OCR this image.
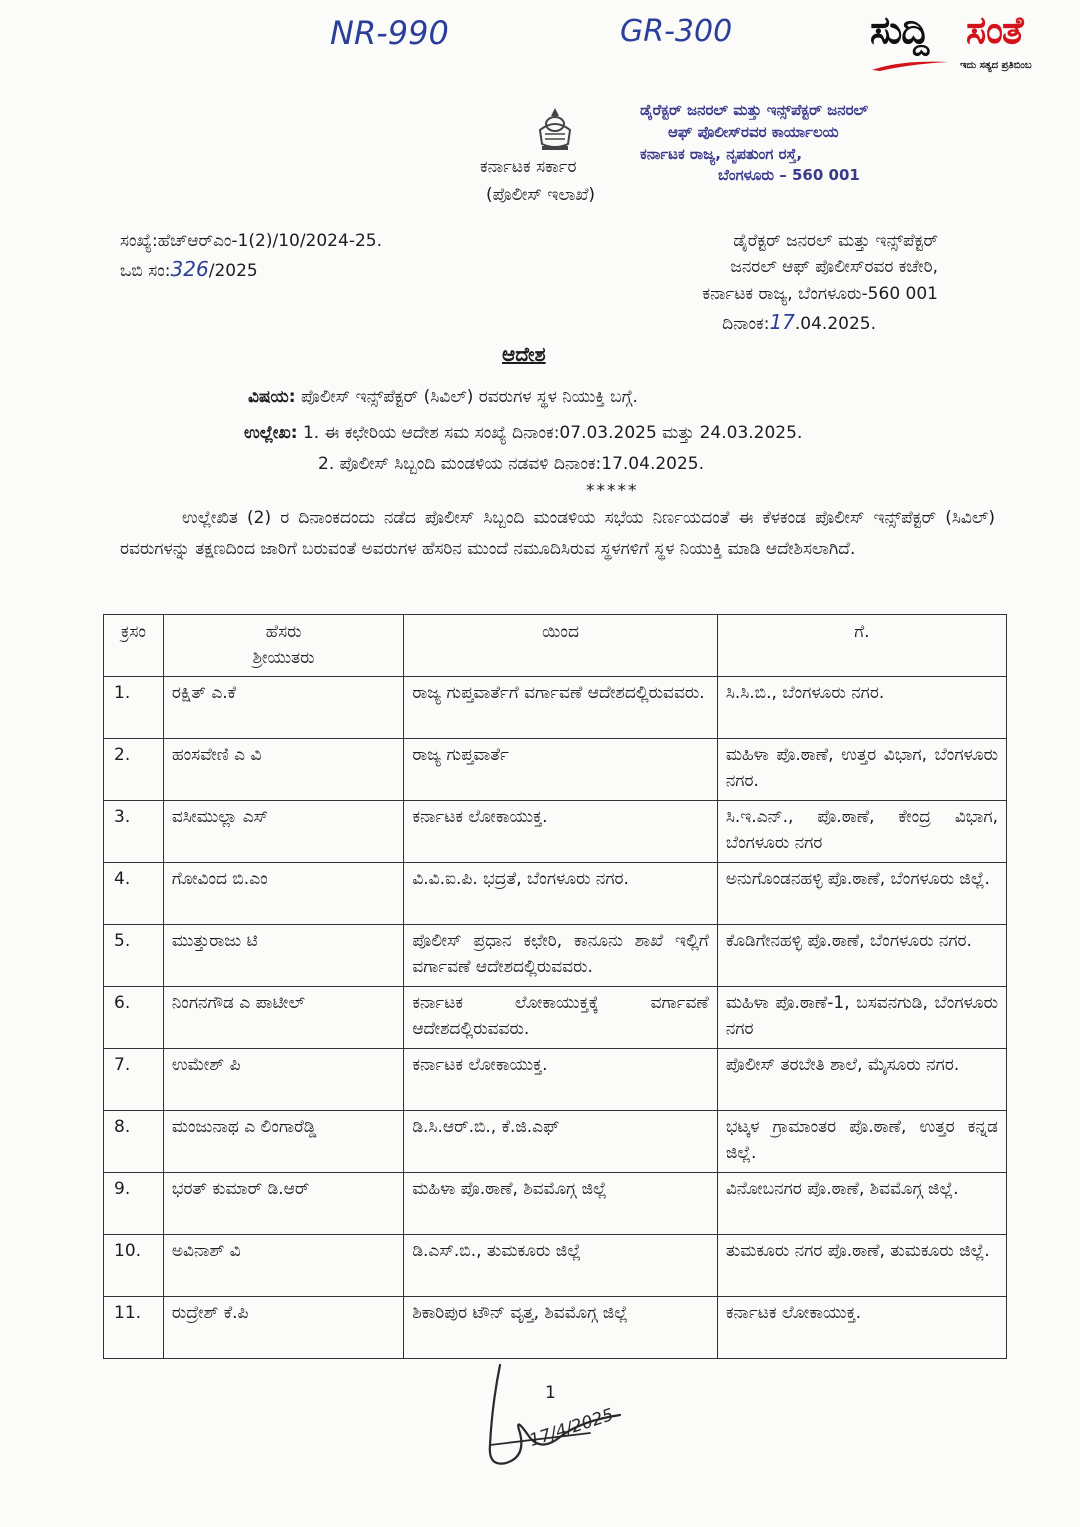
NR-990	GR-300	ಸುದ್ದಿ ಸಂತೆ
ಇದು ಸತ್ಯದ ಪ್ರತಿಬಿಂಬ
ಕರ್ನಾಟಕ ಸರ್ಕಾರ
(ಪೊಲೀಸ್ ಇಲಾಖೆ)
ಡೈರೆಕ್ಟರ್ ಜನರಲ್ ಮತ್ತು ಇನ್ಸ್‌ಪೆಕ್ಟರ್ ಜನರಲ್
ಆಫ್ ಪೊಲೀಸ್‌ರವರ ಕಾರ್ಯಾಲಯ
ಕರ್ನಾಟಕ ರಾಜ್ಯ, ನೃಪತುಂಗ ರಸ್ತೆ,
ಬೆಂಗಳೂರು – 560 001
ಸಂಖ್ಯೆ:ಹೆಚ್‌ಆರ್‌ಎಂ-1(2)/10/2024-25.
ಒಬಿ ಸಂ:326/2025
ಡೈರೆಕ್ಟರ್ ಜನರಲ್ ಮತ್ತು ಇನ್ಸ್‌ಪೆಕ್ಟರ್
ಜನರಲ್ ಆಫ್ ಪೊಲೀಸ್‌ರವರ ಕಚೇರಿ,
ಕರ್ನಾಟಕ ರಾಜ್ಯ, ಬೆಂಗಳೂರು-560 001
ದಿನಾಂಕ:17.04.2025.
ಆದೇಶ
ವಿಷಯ: ಪೊಲೀಸ್ ಇನ್ಸ್‌ಪೆಕ್ಟರ್ (ಸಿವಿಲ್) ರವರುಗಳ ಸ್ಥಳ ನಿಯುಕ್ತಿ ಬಗ್ಗೆ.
ಉಲ್ಲೇಖ: 1. ಈ ಕಛೇರಿಯ ಆದೇಶ ಸಮ ಸಂಖ್ಯೆ ದಿನಾಂಕ:07.03.2025 ಮತ್ತು 24.03.2025.
2. ಪೊಲೀಸ್ ಸಿಬ್ಬಂದಿ ಮಂಡಳಿಯ ನಡವಳಿ ದಿನಾಂಕ:17.04.2025.
*****
ಉಲ್ಲೇಖಿತ (2) ರ ದಿನಾಂಕದಂದು ನಡೆದ ಪೊಲೀಸ್ ಸಿಬ್ಬಂದಿ ಮಂಡಳಿಯ ಸಭೆಯ ನಿರ್ಣಯದಂತೆ ಈ ಕೆಳಕಂಡ ಪೊಲೀಸ್ ಇನ್ಸ್‌ಪೆಕ್ಟರ್ (ಸಿವಿಲ್) ರವರುಗಳನ್ನು ತಕ್ಷಣದಿಂದ ಜಾರಿಗೆ ಬರುವಂತೆ ಅವರುಗಳ ಹೆಸರಿನ ಮುಂದೆ ನಮೂದಿಸಿರುವ ಸ್ಥಳಗಳಿಗೆ ಸ್ಥಳ ನಿಯುಕ್ತಿ ಮಾಡಿ ಆದೇಶಿಸಲಾಗಿದೆ.
ಕ್ರಸಂ	ಹೆಸರು
ಶ್ರೀಯುತರು	ಯಿಂದ	ಗೆ.
1.	ರಕ್ಷಿತ್ ಎ.ಕೆ	ರಾಜ್ಯ ಗುಪ್ತವಾರ್ತೆಗೆ ವರ್ಗಾವಣೆ ಆದೇಶದಲ್ಲಿರುವವರು.	ಸಿ.ಸಿ.ಬಿ., ಬೆಂಗಳೂರು ನಗರ.
2.	ಹಂಸವೇಣಿ ಎ ವಿ	ರಾಜ್ಯ ಗುಪ್ತವಾರ್ತೆ	ಮಹಿಳಾ ಪೊ.ಠಾಣೆ, ಉತ್ತರ ವಿಭಾಗ, ಬೆಂಗಳೂರು ನಗರ.
3.	ವಸೀಮುಲ್ಲಾ ಎಸ್	ಕರ್ನಾಟಕ ಲೋಕಾಯುಕ್ತ.	ಸಿ.ಇ.ಎನ್., ಪೊ.ಠಾಣೆ, ಕೇಂದ್ರ ವಿಭಾಗ, ಬೆಂಗಳೂರು ನಗರ
4.	ಗೋವಿಂದ ಬಿ.ಎಂ	ವಿ.ವಿ.ಐ.ಪಿ. ಭದ್ರತೆ, ಬೆಂಗಳೂರು ನಗರ.	ಅನುಗೊಂಡನಹಳ್ಳಿ ಪೊ.ಠಾಣೆ, ಬೆಂಗಳೂರು ಜಿಲ್ಲೆ.
5.	ಮುತ್ತುರಾಜು ಟಿ	ಪೊಲೀಸ್ ಪ್ರಧಾನ ಕಛೇರಿ, ಕಾನೂನು ಶಾಖೆ ಇಲ್ಲಿಗೆ ವರ್ಗಾವಣೆ ಆದೇಶದಲ್ಲಿರುವವರು.	ಕೊಡಿಗೇನಹಳ್ಳಿ ಪೊ.ಠಾಣೆ, ಬೆಂಗಳೂರು ನಗರ.
6.	ನಿಂಗನಗೌಡ ಎ ಪಾಟೀಲ್	ಕರ್ನಾಟಕ ಲೋಕಾಯುಕ್ತಕ್ಕೆ ವರ್ಗಾವಣೆ ಆದೇಶದಲ್ಲಿರುವವರು.	ಮಹಿಳಾ ಪೊ.ಠಾಣೆ-1, ಬಸವನಗುಡಿ, ಬೆಂಗಳೂರು ನಗರ
7.	ಉಮೇಶ್ ಪಿ	ಕರ್ನಾಟಕ ಲೋಕಾಯುಕ್ತ.	ಪೊಲೀಸ್ ತರಬೇತಿ ಶಾಲೆ, ಮೈಸೂರು ನಗರ.
8.	ಮಂಜುನಾಥ ಎ ಲಿಂಗಾರೆಡ್ಡಿ	ಡಿ.ಸಿ.ಆರ್.ಬಿ., ಕೆ.ಜಿ.ಎಫ್	ಭಟ್ಕಳ ಗ್ರಾಮಾಂತರ ಪೊ.ಠಾಣೆ, ಉತ್ತರ ಕನ್ನಡ ಜಿಲ್ಲೆ.
9.	ಭರತ್ ಕುಮಾರ್ ಡಿ.ಆರ್	ಮಹಿಳಾ ಪೊ.ಠಾಣೆ, ಶಿವಮೊಗ್ಗ ಜಿಲ್ಲೆ	ವಿನೋಬನಗರ ಪೊ.ಠಾಣೆ, ಶಿವಮೊಗ್ಗ ಜಿಲ್ಲೆ.
10.	ಅವಿನಾಶ್ ವಿ	ಡಿ.ಎಸ್.ಬಿ., ತುಮಕೂರು ಜಿಲ್ಲೆ	ತುಮಕೂರು ನಗರ ಪೊ.ಠಾಣೆ, ತುಮಕೂರು ಜಿಲ್ಲೆ.
11.	ರುದ್ರೇಶ್ ಕೆ.ಪಿ	ಶಿಕಾರಿಪುರ ಟೌನ್ ವೃತ್ತ, ಶಿವಮೊಗ್ಗ ಜಿಲ್ಲೆ	ಕರ್ನಾಟಕ ಲೋಕಾಯುಕ್ತ.
1
17/4/2025
